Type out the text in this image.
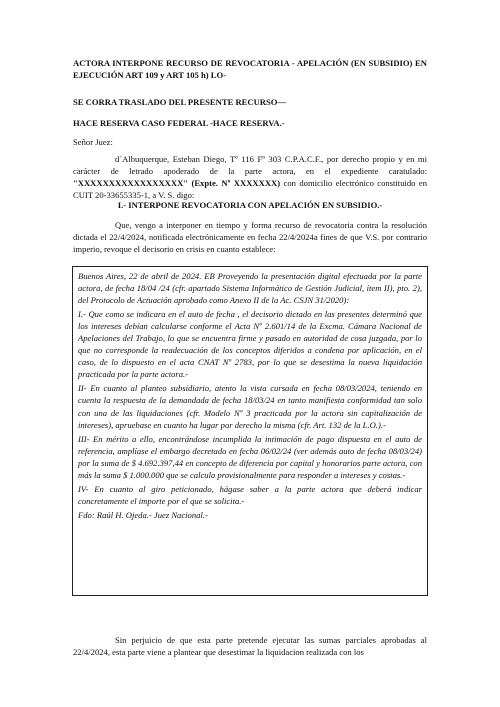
ACTORA INTERPONE RECURSO DE REVOCATORIA - APELACIÓN (EN SUBSIDIO) EN EJECUCIÓN ART 109 y ART 105 h) LO-

SE CORRA TRASLADO DEL PRESENTE RECURSO—

HACE RESERVA CASO FEDERAL -HACE RESERVA.-

Señor Juez:

d´Albuquerque, Esteban Diego, Tº 116 Fº 303 C.P.A.C.F., por derecho propio y en mi carácter de letrado apoderado de la parte actora, en el expediente caratulado: "XXXXXXXXXXXXXXXXX" (Expte. Nº XXXXXXX) con domicilio electrónico constituido en CUIT 20-33655335-1, a V. S. digo:

I.- INTERPONE REVOCATORIA CON APELACIÓN EN SUBSIDIO.-

Que, vengo a interponer en tiempo y forma recurso de revocatoria contra la resolución dictada el 22/4/2024, notificada electrónicamente en fecha 22/4/2024a fines de que V.S. por contrario imperio, revoque el decisorio en crisis en cuanto establece:

Buenos Aires, 22 de abril de 2024. EB Proveyendo la presentación digital efectuada por la parte actora, de fecha 18/04 /24 (cfr. apartado Sistema Informático de Gestión Judicial, ítem II), pto. 2), del Protocolo de Actuación aprobado como Anexo II de la Ac. CSJN 31/2020):

I.- Que como se indicara en el auto de fecha , el decisorio dictado en las presentes determinó que los intereses debían calcularse conforme el Acta Nº 2.601/14 de la Excma. Cámara Nacional de Apelaciones del Trabajo, lo que se encuentra firme y pasado en autoridad de cosa juzgada, por lo que no corresponde la readecuación de los conceptos diferidos a condena por aplicación, en el caso, de lo dispuesto en el acta CNAT Nº 2783, por lo que se desestima la nueva liquidación practicada por la parte actora.-

II- En cuanto al planteo subsidiario, atento la vista cursada en fecha 08/03/2024, teniendo en cuenta la respuesta de la demandada de fecha 18/03/24 en tanto manifiesta conformidad tan solo con una de las liquidaciones (cfr. Modelo Nº 3 practicada por la actora sin capitalización de intereses), apruebase en cuanto ha lugar por derecho la misma (cfr. Art. 132 de la L.O.).-

III- En mérito a ello, encontrándose incumplida la intimación de pago dispuesta en el auto de referencia, amplíase el embargo decretado en fecha 06/02/24 (ver además auto de fecha 08/03/24) por la suma de $ 4.692.397,44 en concepto de diferencia por capital y honorarios parte actora, con más la suma $ 1.000.000 que se calcula provisionalmente para responder a intereses y costas.-

IV- En cuanto al giro peticionado, hágase saber a la parte actora que deberá indicar concretamente el importe por el que se solicita.-

Fdo: Raúl H. Ojeda.- Juez Nacional.-

Sin perjuicio de que esta parte pretende ejecutar las sumas parciales aprobadas al 22/4/2024, esta parte viene a plantear que desestimar la liquidacion realizada con los
